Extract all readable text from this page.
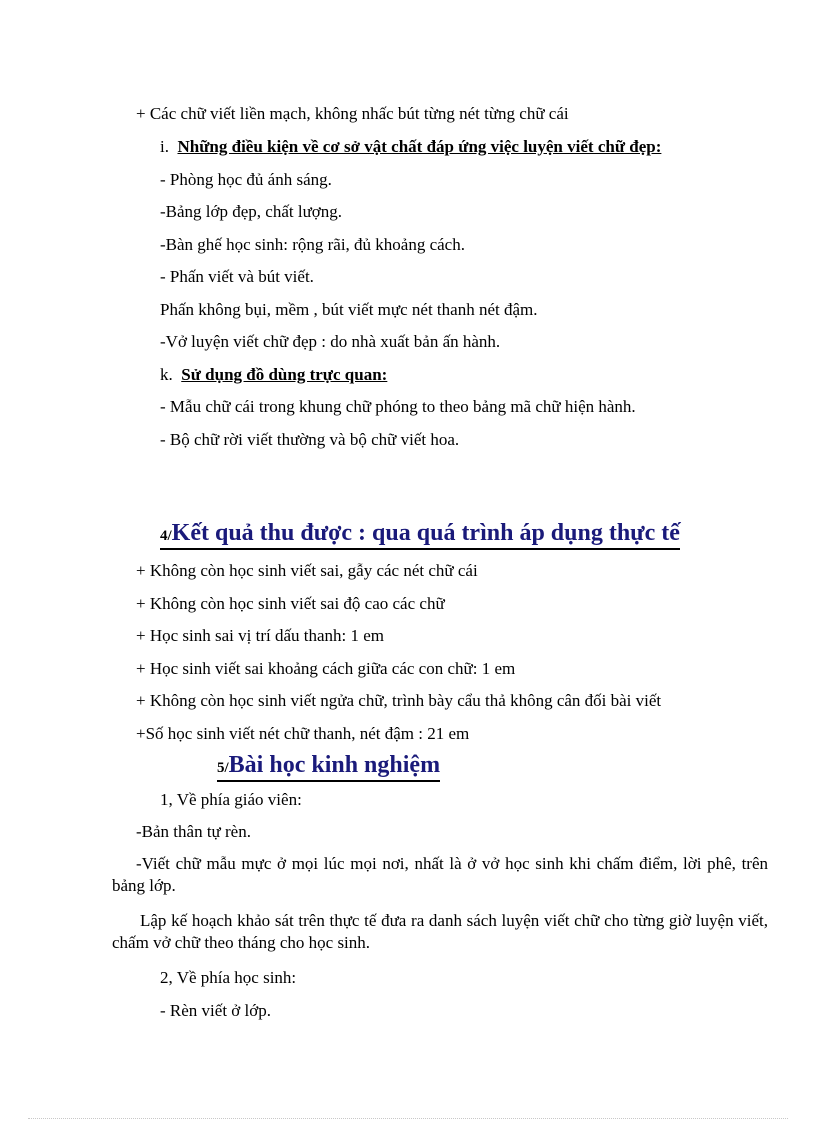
+ Các chữ viết liền mạch, không nhấc bút từng nét từng chữ cái
i. Những điều kiện về cơ sở vật chất đáp ứng việc luyện viết chữ đẹp:
- Phòng học đủ ánh sáng.
-Bảng lớp đẹp, chất lượng.
-Bàn ghế học sinh: rộng rãi, đủ khoảng cách.
- Phấn viết và bút viết.
Phấn không bụi, mềm , bút viết mực nét thanh nét đậm.
-Vở luyện viết chữ đẹp : do nhà xuất bản ấn hành.
k. Sử dụng đồ dùng trực quan:
- Mẫu chữ cái trong khung chữ phóng to theo bảng mã chữ hiện hành.
- Bộ chữ rời viết thường và bộ chữ viết hoa.
4/Kết quả thu được : qua quá trình áp dụng thực tế
+ Không còn học sinh viết sai, gẫy các nét chữ cái
+ Không còn học sinh viết sai độ cao các chữ
+ Học sinh sai vị trí dấu thanh: 1 em
+ Học sinh viết sai khoảng cách giữa các con chữ: 1 em
+ Không còn học sinh viết ngửa chữ, trình bày cẩu thả không cân đối bài viết
+Số học sinh viết nét chữ thanh, nét đậm : 21 em
5/Bài học kinh nghiệm
1, Về phía giáo viên:
-Bản thân tự rèn.
-Viết chữ mẫu mực ở mọi lúc mọi nơi, nhất là ở vở học sinh khi chấm điểm, lời phê, trên bảng lớp.
Lập kế hoạch khảo sát trên thực tế đưa ra danh sách luyện viết chữ cho từng giờ luyện viết, chấm vở chữ theo tháng cho học sinh.
2, Về phía học sinh:
- Rèn viết ở lớp.
